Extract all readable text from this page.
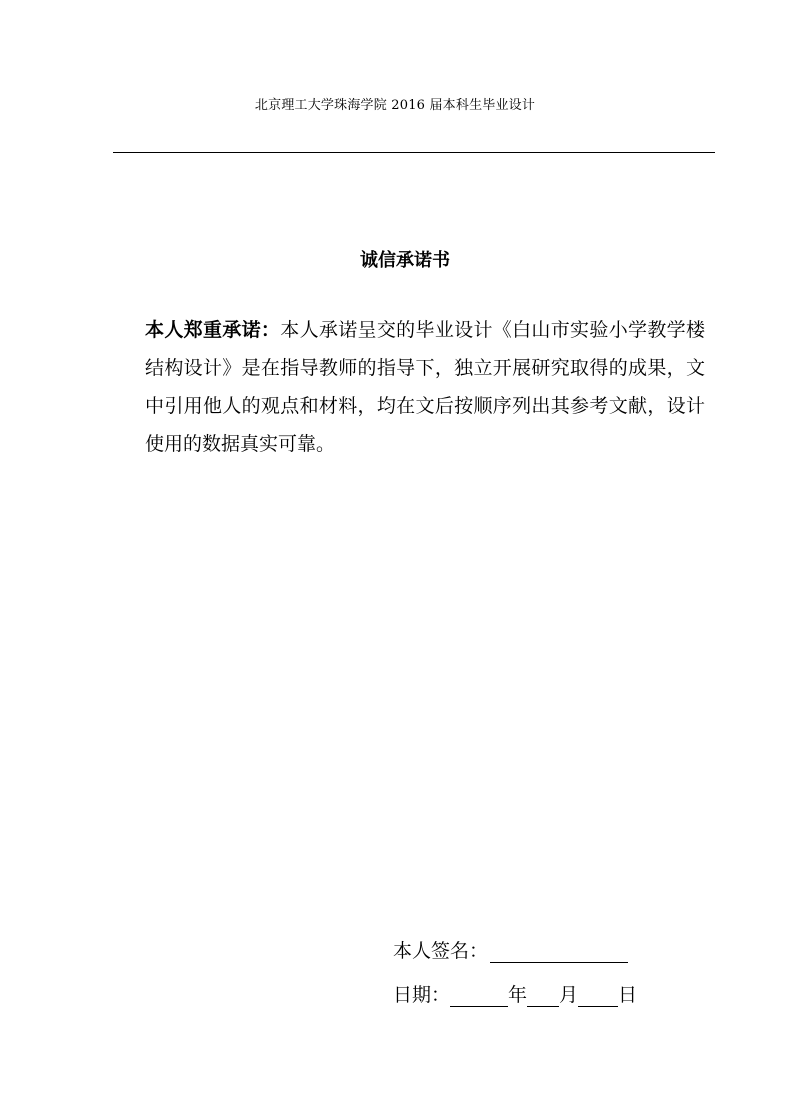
北京理工大学珠海学院 2016 届本科生毕业设计
诚信承诺书
本人郑重承诺：本人承诺呈交的毕业设计《白山市实验小学教学楼结构设计》是在指导教师的指导下，独立开展研究取得的成果，文中引用他人的观点和材料，均在文后按顺序列出其参考文献，设计使用的数据真实可靠。
本人签名：
日期：	年 月 日
